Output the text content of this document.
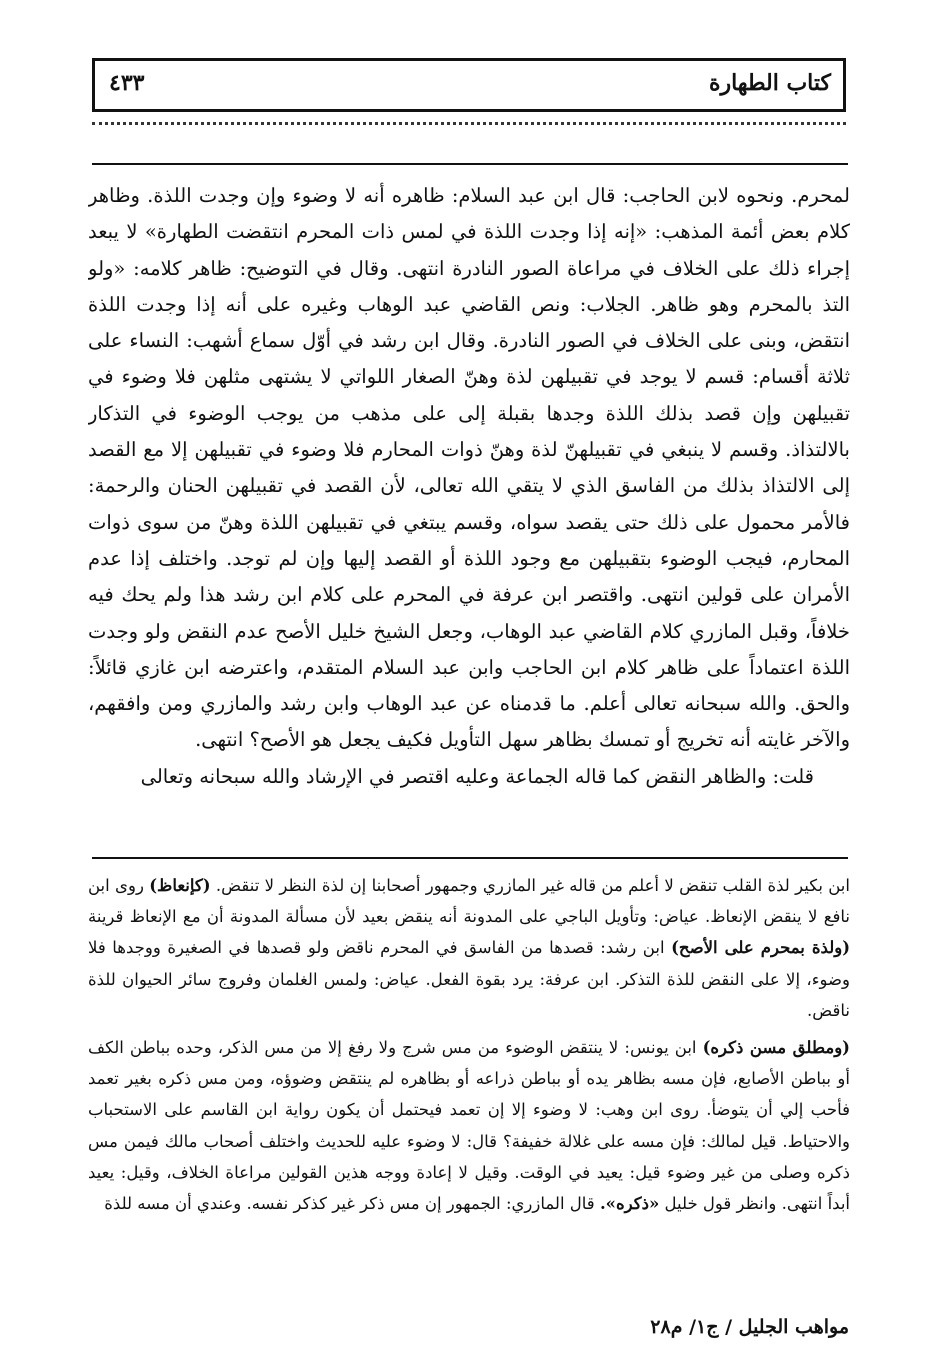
كتاب الطهارة
٤٣٣

لمحرم. ونحوه لابن الحاجب: قال ابن عبد السلام: ظاهره أنه لا وضوء وإن وجدت اللذة. وظاهر كلام بعض أئمة المذهب: «إنه إذا وجدت اللذة في لمس ذات المحرم انتقضت الطهارة» لا يبعد إجراء ذلك على الخلاف في مراعاة الصور النادرة انتهى. وقال في التوضيح: ظاهر كلامه: «ولو التذ بالمحرم وهو ظاهر. الجلاب: ونص القاضي عبد الوهاب وغيره على أنه إذا وجدت اللذة انتقض، وبنى على الخلاف في الصور النادرة. وقال ابن رشد في أوّل سماع أشهب: النساء على ثلاثة أقسام: قسم لا يوجد في تقبيلهن لذة وهنّ الصغار اللواتي لا يشتهى مثلهن فلا وضوء في تقبيلهن وإن قصد بذلك اللذة وجدها بقبلة إلى على مذهب من يوجب الوضوء في التذكار بالالتذاذ. وقسم لا ينبغي في تقبيلهنّ لذة وهنّ ذوات المحارم فلا وضوء في تقبيلهن إلا مع القصد إلى الالتذاذ بذلك من الفاسق الذي لا يتقي الله تعالى، لأن القصد في تقبيلهن الحنان والرحمة: فالأمر محمول على ذلك حتى يقصد سواه، وقسم يبتغي في تقبيلهن اللذة وهنّ من سوى ذوات المحارم، فيجب الوضوء بتقبيلهن مع وجود اللذة أو القصد إليها وإن لم توجد. واختلف إذا عدم الأمران على قولين انتهى. واقتصر ابن عرفة في المحرم على كلام ابن رشد هذا ولم يحك فيه خلافاً، وقبل المازري كلام القاضي عبد الوهاب، وجعل الشيخ خليل الأصح عدم النقض ولو وجدت اللذة اعتماداً على ظاهر كلام ابن الحاجب وابن عبد السلام المتقدم، واعترضه ابن غازي قائلاً: والحق. والله سبحانه تعالى أعلم. ما قدمناه عن عبد الوهاب وابن رشد والمازري ومن وافقهم، والآخر غايته أنه تخريج أو تمسك بظاهر سهل التأويل فكيف يجعل هو الأصح؟ انتهى.

قلت: والظاهر النقض كما قاله الجماعة وعليه اقتصر في الإرشاد والله سبحانه وتعالى

ابن بكير لذة القلب تنقض لا أعلم من قاله غير المازري وجمهور أصحابنا إن لذة النظر لا تنقض. (كإنعاظ) روى ابن نافع لا ينقض الإنعاظ. عياض: وتأويل الباجي على المدونة أنه ينقض بعيد لأن مسألة المدونة أن مع الإنعاظ قرينة (ولذة بمحرم على الأصح) ابن رشد: قصدها من الفاسق في المحرم ناقض ولو قصدها في الصغيرة ووجدها فلا وضوء، إلا على النقض للذة التذكر. ابن عرفة: يرد بقوة الفعل. عياض: ولمس الغلمان وفروج سائر الحيوان للذة ناقض.

(ومطلق مسن ذكره) ابن يونس: لا ينتقض الوضوء من مس شرج ولا رفغ إلا من مس الذكر، وحده بباطن الكف أو بباطن الأصابع، فإن مسه بظاهر يده أو بباطن ذراعه أو بظاهره لم ينتقض وضوؤه، ومن مس ذكره بغير تعمد فأحب إلي أن يتوضأ. روى ابن وهب: لا وضوء إلا إن تعمد فيحتمل أن يكون رواية ابن القاسم على الاستحباب والاحتياط. قيل لمالك: فإن مسه على غلالة خفيفة؟ قال: لا وضوء عليه للحديث واختلف أصحاب مالك فيمن مس ذكره وصلى من غير وضوء قيل: يعيد في الوقت. وقيل لا إعادة ووجه هذين القولين مراعاة الخلاف، وقيل: يعيد أبداً انتهى. وانظر قول خليل «ذكره». قال المازري: الجمهور إن مس ذكر غير كذكر نفسه. وعندي أن مسه للذة

مواهب الجليل / ج١/ م٢٨
